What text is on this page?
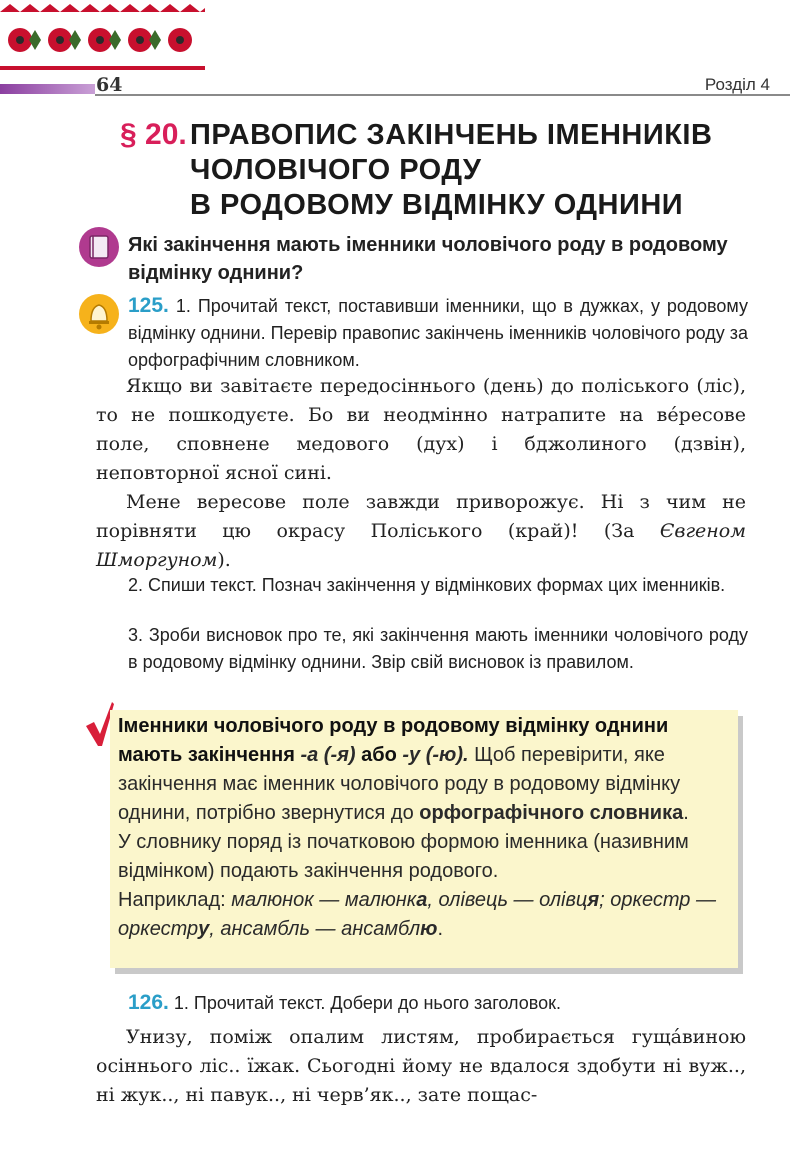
64	Розділ 4
§ 20. ПРАВОПИС ЗАКІНЧЕНЬ ІМЕННИКІВ
ЧОЛОВІЧОГО РОДУ
В РОДОВОМУ ВІДМІНКУ ОДНИНИ
Які закінчення мають іменники чоловічого роду в родовому відмінку однини?
125. 1. Прочитай текст, поставивши іменники, що в дужках, у родовому відмінку однини. Перевір правопис закінчень іменників чоловічого роду за орфографічним словником.

Якщо ви завітаєте передосіннього (день) до поліського (ліс), то не пошкодуєте. Бо ви неодмінно натрапите на вéресове поле, сповнене медового (дух) і бджолиного (дзвін), неповторної ясної сині.

Мене вересове поле завжди приворожує. Ні з чим не порівняти цю окрасу Поліського (край)! (За Євгеном Шморгуном).

2. Спиши текст. Познач закінчення у відмінкових формах цих іменників.
3. Зроби висновок про те, які закінчення мають іменники чоловічого роду в родовому відмінку однини. Звір свій висновок із правилом.
Іменники чоловічого роду в родовому відмінку однини мають закінчення -а (-я) або -у (-ю). Щоб перевірити, яке закінчення має іменник чоловічого роду в родовому відмінку однини, потрібно звернутися до орфографічного словника.
У словнику поряд із початковою формою іменника (називним відмінком) подають закінчення родового.
Наприклад: малюнок — малюнка, олівець — олівця; оркестр — оркестру, ансамбль — ансамблю.
126. 1. Прочитай текст. Добери до нього заголовок.

Унизу, поміж опалим листям, пробирається гущáвиною осіннього ліс.. їжак. Сьогодні йому не вдалося здобути ні вуж.., ні жук.., ні павук.., ні черв’як.., зате пощас-
